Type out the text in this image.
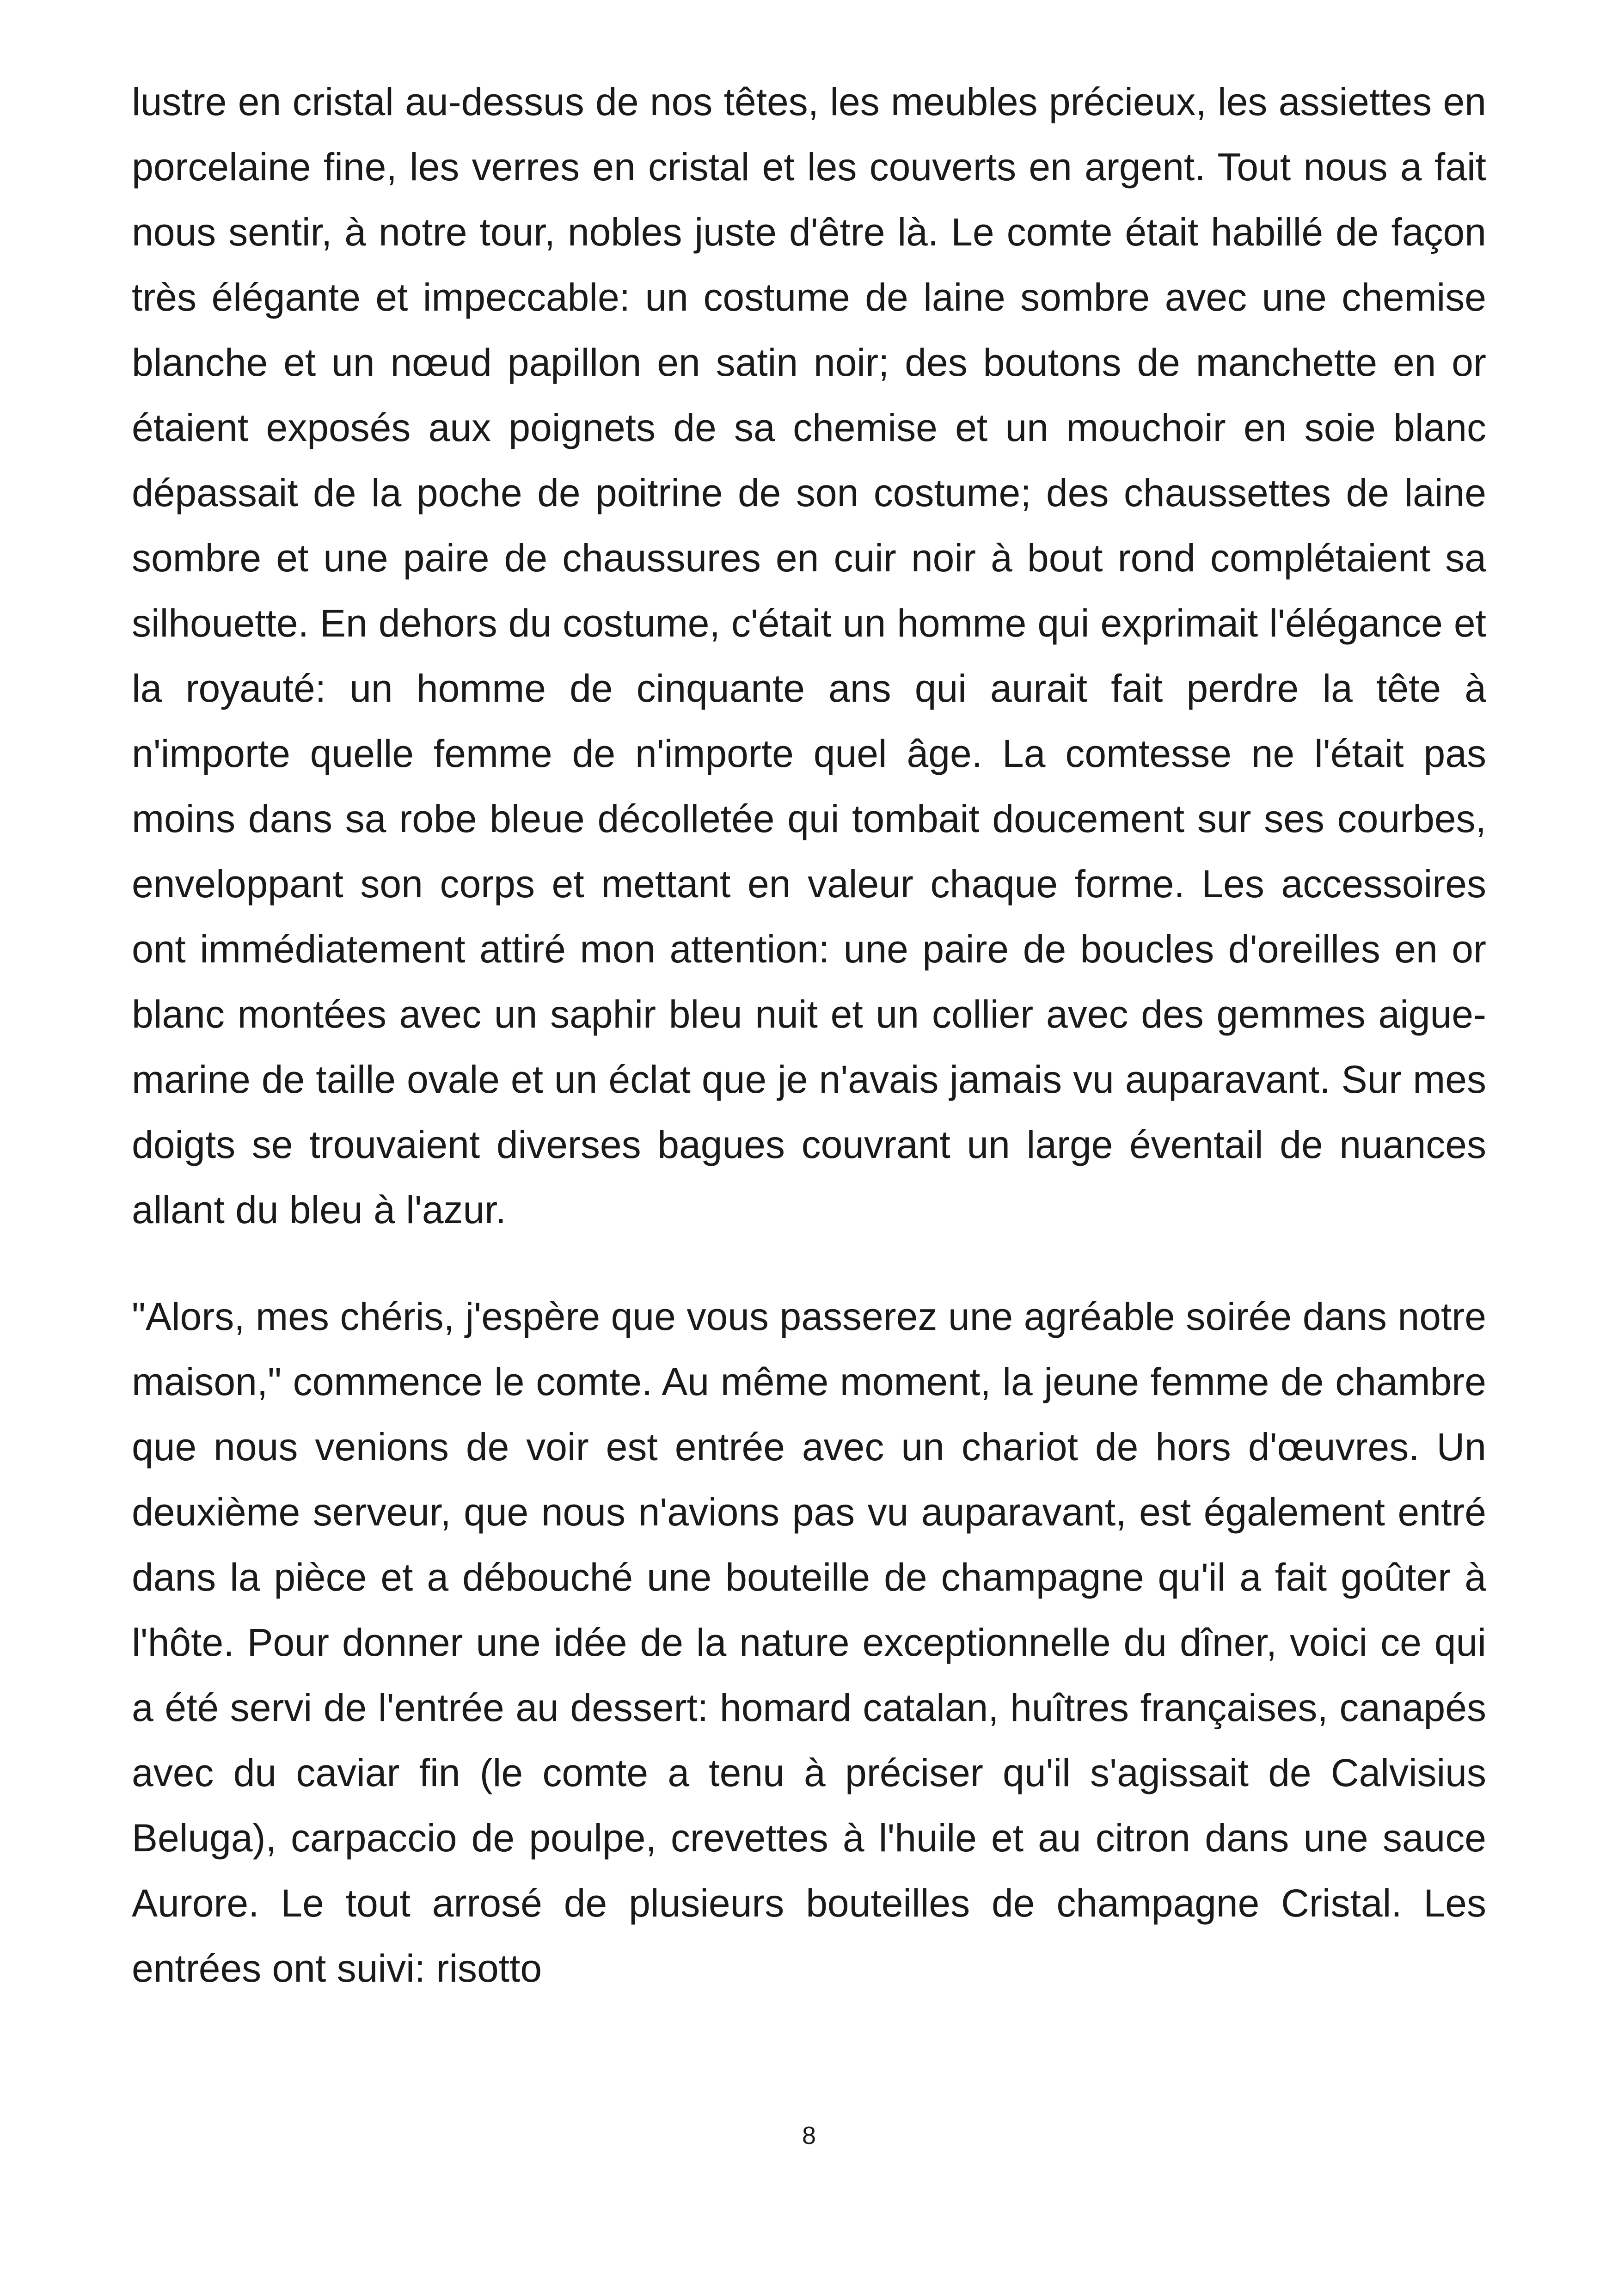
lustre en cristal au-dessus de nos têtes, les meubles précieux, les assiettes en porcelaine fine, les verres en cristal et les couverts en argent. Tout nous a fait nous sentir, à notre tour, nobles juste d'être là. Le comte était habillé de façon très élégante et impeccable: un costume de laine sombre avec une chemise blanche et un nœud papillon en satin noir; des boutons de manchette en or étaient exposés aux poignets de sa chemise et un mouchoir en soie blanc dépassait de la poche de poitrine de son costume; des chaussettes de laine sombre et une paire de chaussures en cuir noir à bout rond complétaient sa silhouette. En dehors du costume, c'était un homme qui exprimait l'élégance et la royauté: un homme de cinquante ans qui aurait fait perdre la tête à n'importe quelle femme de n'importe quel âge. La comtesse ne l'était pas moins dans sa robe bleue décolletée qui tombait doucement sur ses courbes, enveloppant son corps et mettant en valeur chaque forme. Les accessoires ont immédiatement attiré mon attention: une paire de boucles d'oreilles en or blanc montées avec un saphir bleu nuit et un collier avec des gemmes aigue-marine de taille ovale et un éclat que je n'avais jamais vu auparavant. Sur mes doigts se trouvaient diverses bagues couvrant un large éventail de nuances allant du bleu à l'azur.

"Alors, mes chéris, j'espère que vous passerez une agréable soirée dans notre maison," commence le comte. Au même moment, la jeune femme de chambre que nous venions de voir est entrée avec un chariot de hors d'œuvres. Un deuxième serveur, que nous n'avions pas vu auparavant, est également entré dans la pièce et a débouché une bouteille de champagne qu'il a fait goûter à l'hôte. Pour donner une idée de la nature exceptionnelle du dîner, voici ce qui a été servi de l'entrée au dessert: homard catalan, huîtres françaises, canapés avec du caviar fin (le comte a tenu à préciser qu'il s'agissait de Calvisius Beluga), carpaccio de poulpe, crevettes à l'huile et au citron dans une sauce Aurore. Le tout arrosé de plusieurs bouteilles de champagne Cristal. Les entrées ont suivi: risotto

8
